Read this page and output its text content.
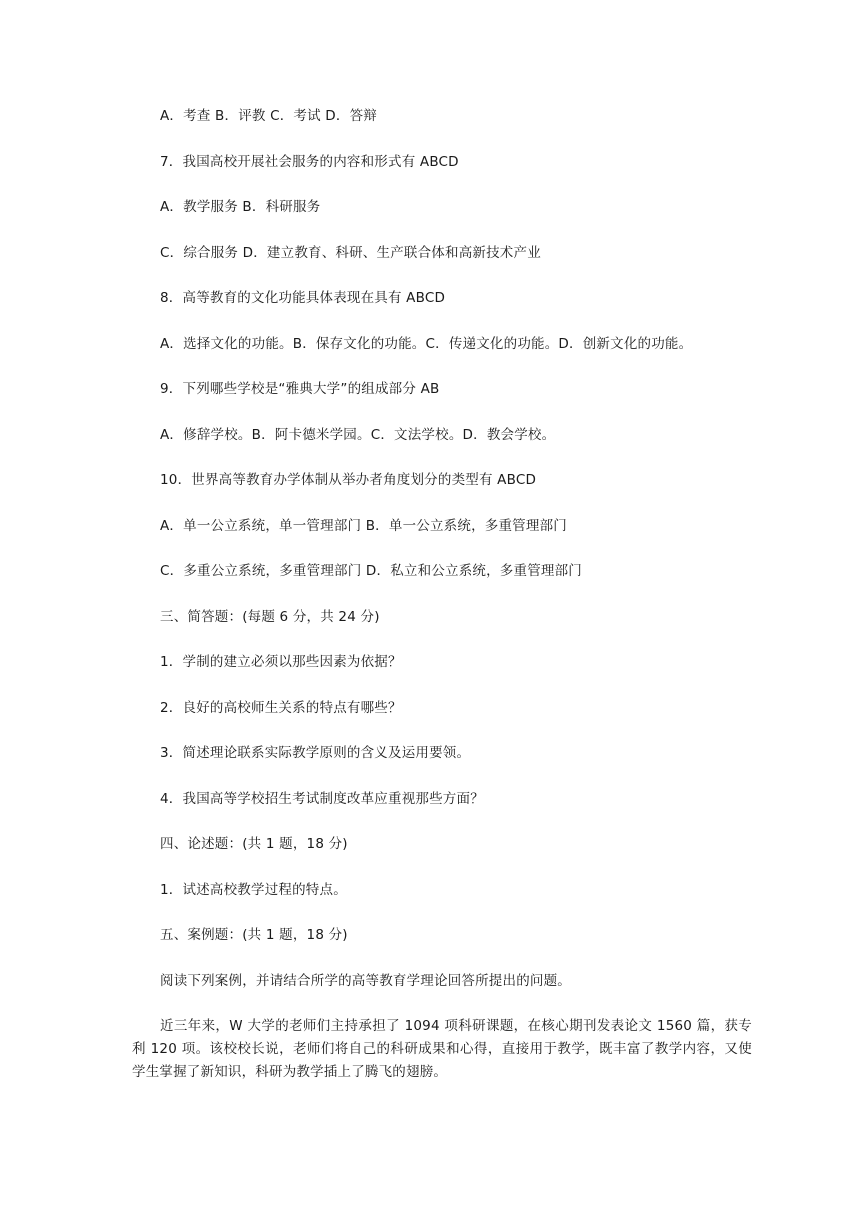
A．考查 B．评教 C．考试 D．答辩
7．我国高校开展社会服务的内容和形式有 ABCD
A．教学服务 B．科研服务
C．综合服务 D．建立教育、科研、生产联合体和高新技术产业
8．高等教育的文化功能具体表现在具有 ABCD
A．选择文化的功能。B．保存文化的功能。C．传递文化的功能。D．创新文化的功能。
9．下列哪些学校是“雅典大学”的组成部分 AB
A．修辞学校。B．阿卡德米学园。C．文法学校。D．教会学校。
10．世界高等教育办学体制从举办者角度划分的类型有 ABCD
A．单一公立系统，单一管理部门 B．单一公立系统，多重管理部门
C．多重公立系统，多重管理部门 D．私立和公立系统，多重管理部门
三、简答题：(每题 6 分，共 24 分)
1．学制的建立必须以那些因素为依据？
2．良好的高校师生关系的特点有哪些？
3．简述理论联系实际教学原则的含义及运用要领。
4．我国高等学校招生考试制度改革应重视那些方面？
四、论述题：(共 1 题，18 分)
1．试述高校教学过程的特点。
五、案例题：(共 1 题，18 分)
阅读下列案例，并请结合所学的高等教育学理论回答所提出的问题。
近三年来，W 大学的老师们主持承担了 1094 项科研课题，在核心期刊发表论文 1560 篇，获专利 120 项。该校校长说，老师们将自己的科研成果和心得，直接用于教学，既丰富了教学内容，又使学生掌握了新知识，科研为教学插上了腾飞的翅膀。
